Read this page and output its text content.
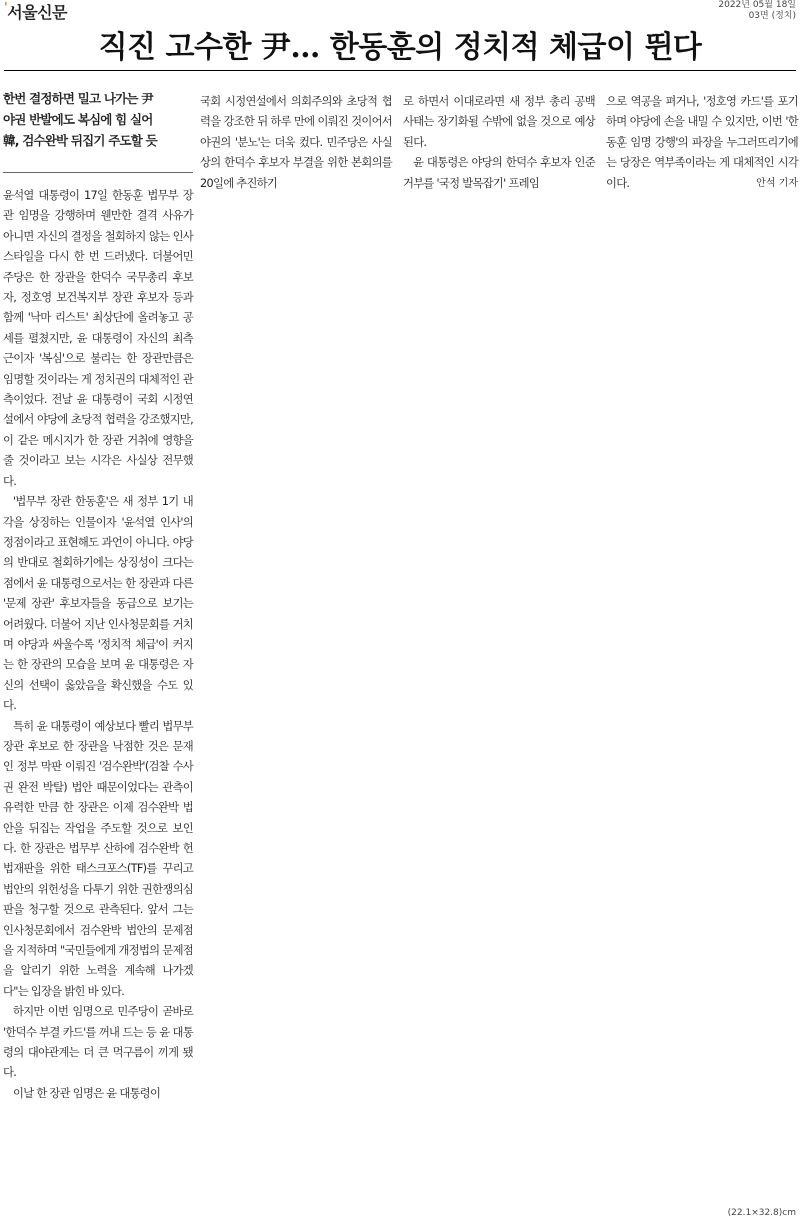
'서울신문	2022년 05월 18일
03면 (정치)
직진 고수한 尹… 한동훈의 정치적 체급이 뛴다
한번 결정하면 밀고 나가는 尹
야권 반발에도 복심에 힘 실어
韓, 검수완박 뒤집기 주도할 듯

윤석열 대통령이 17일 한동훈 법무부 장관 임명을 강행하며 웬만한 결격 사유가 아니면 자신의 결정을 철회하지 않는 인사 스타일을 다시 한 번 드러냈다. 더불어민주당은 한 장관을 한덕수 국무총리 후보자, 정호영 보건복지부 장관 후보자 등과 함께 '낙마 리스트' 최상단에 올려놓고 공세를 펼쳤지만, 윤 대통령이 자신의 최측근이자 '복심'으로 불리는 한 장관만큼은 임명할 것이라는 게 정치권의 대체적인 관측이었다. 전날 윤 대통령이 국회 시정연설에서 야당에 초당적 협력을 강조했지만, 이 같은 메시지가 한 장관 거취에 영향을 줄 것이라고 보는 시각은 사실상 전무했다.

'법무부 장관 한동훈'은 새 정부 1기 내각을 상징하는 인물이자 '윤석열 인사'의 정점이라고 표현해도 과언이 아니다. 야당의 반대로 철회하기에는 상징성이 크다는 점에서 윤 대통령으로서는 한 장관과 다른 '문제 장관' 후보자들을 동급으로 보기는 어려웠다. 더불어 지난 인사청문회를 거치며 야당과 싸울수록 '정치적 체급'이 커지는 한 장관의 모습을 보며 윤 대통령은 자신의 선택이 옳았음을 확신했을 수도 있다.

특히 윤 대통령이 예상보다 빨리 법무부 장관 후보로 한 장관을 낙점한 것은 문재인 정부 막판 이뤄진 '검수완박'(검찰 수사권 완전 박탈) 법안 때문이었다는 관측이 유력한 만큼 한 장관은 이제 검수완박 법안을 뒤집는 작업을 주도할 것으로 보인다. 한 장관은 법무부 산하에 검수완박 헌법재판을 위한 태스크포스(TF)를 꾸리고 법안의 위헌성을 다투기 위한 권한쟁의심판을 청구할 것으로 관측된다. 앞서 그는 인사청문회에서 검수완박 법안의 문제점을 지적하며 "국민들에게 개정법의 문제점을 알리기 위한 노력을 계속해 나가겠다"는 입장을 밝힌 바 있다.

하지만 이번 임명으로 민주당이 곧바로 '한덕수 부결 카드'를 꺼내 드는 등 윤 대통령의 대야관계는 더 큰 먹구름이 끼게 됐다.

이날 한 장관 임명은 윤 대통령이

국회 시정연설에서 의회주의와 초당적 협력을 강조한 뒤 하루 만에 이뤄진 것이어서 야권의 '분노'는 더욱 컸다. 민주당은 사실상의 한덕수 후보자 부결을 위한 본회의를 20일에 추진하기

로 하면서 이대로라면 새 정부 총리 공백 사태는 장기화될 수밖에 없을 것으로 예상된다.

윤 대통령은 야당의 한덕수 후보자 인준 거부를 '국정 발목잡기' 프레임

으로 역공을 펴거나, '정호영 카드'를 포기하며 야당에 손을 내밀 수 있지만, 이번 '한동훈 임명 강행'의 파장을 누그러뜨리기에는 당장은 역부족이라는 게 대체적인 시각이다.	안석 기자

(22.1×32.8)cm
